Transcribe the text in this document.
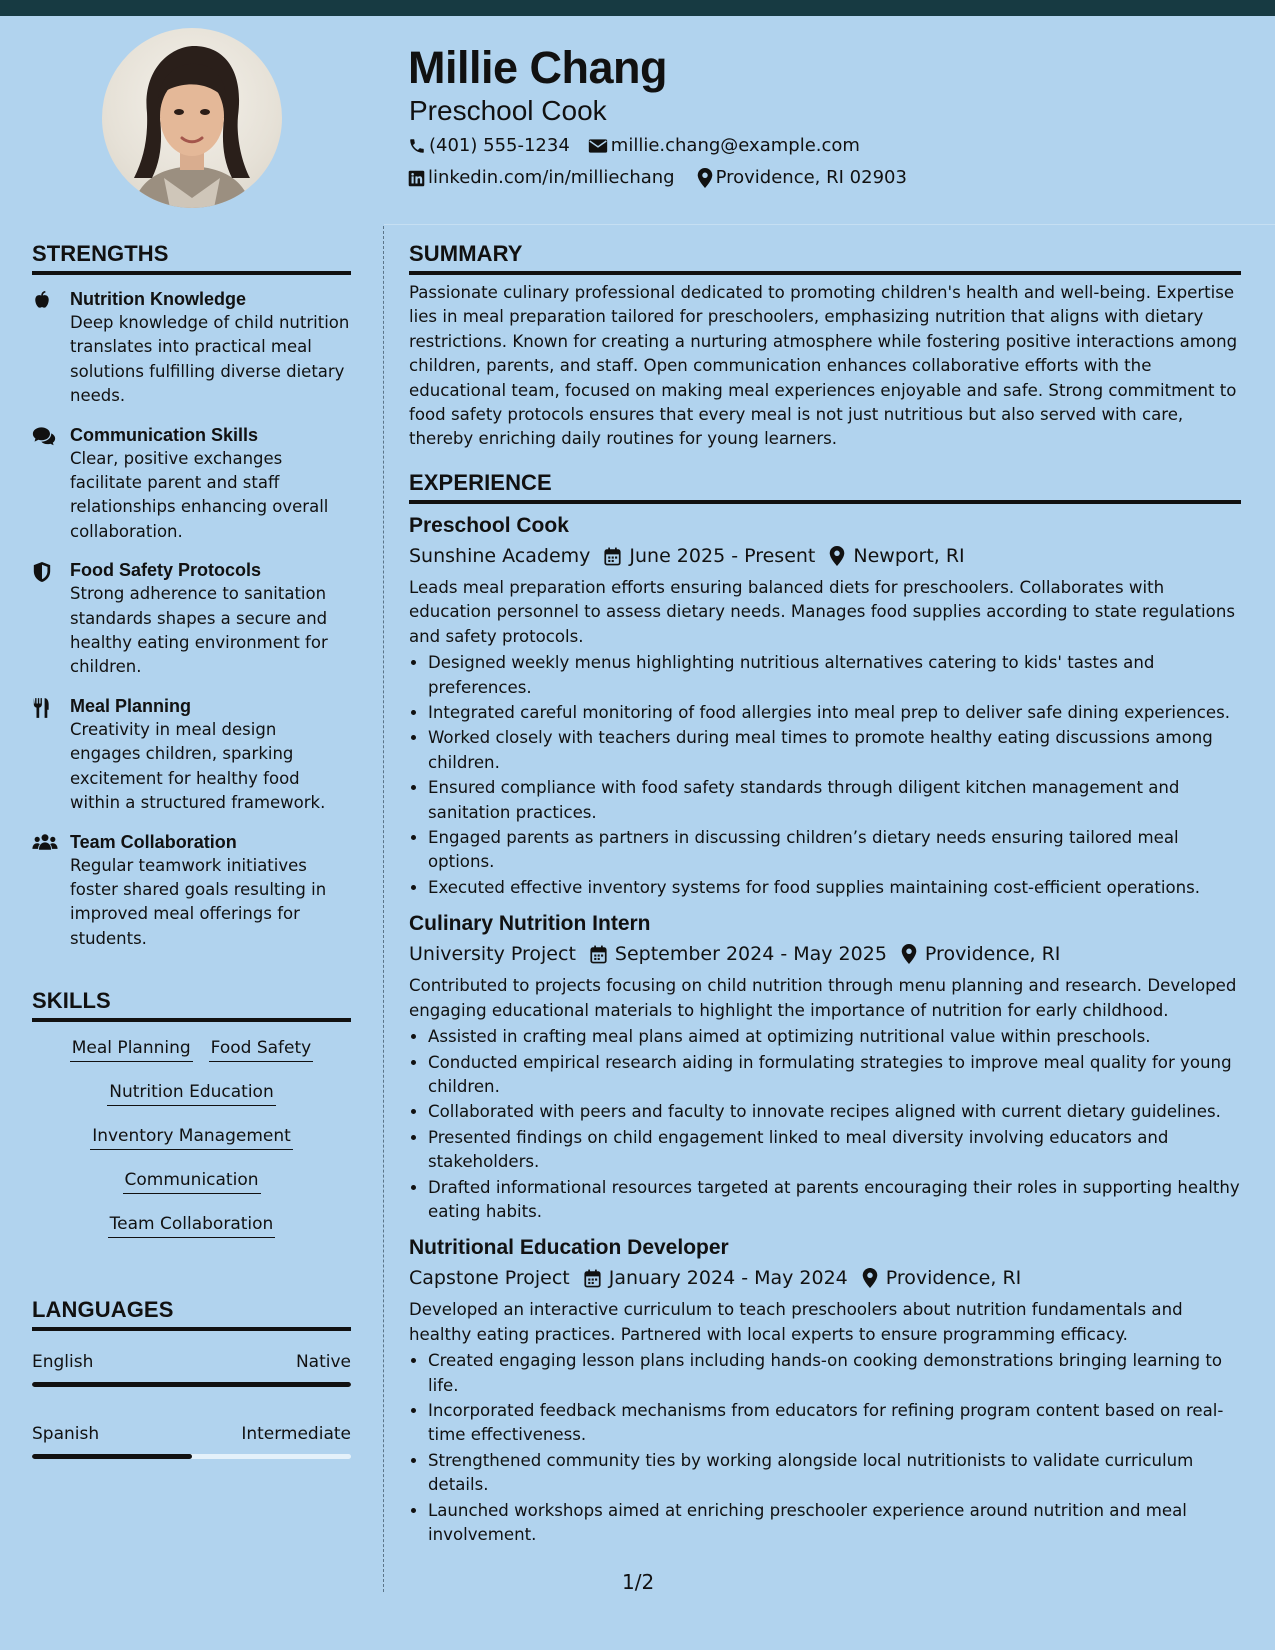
Millie Chang
Preschool Cook
(401) 555-1234 millie.chang@example.com
linkedin.com/in/milliechang Providence, RI 02903
STRENGTHS
Nutrition Knowledge
Deep knowledge of child nutrition translates into practical meal solutions fulfilling diverse dietary needs.
Communication Skills
Clear, positive exchanges facilitate parent and staff relationships enhancing overall collaboration.
Food Safety Protocols
Strong adherence to sanitation standards shapes a secure and healthy eating environment for children.
Meal Planning
Creativity in meal design engages children, sparking excitement for healthy food within a structured framework.
Team Collaboration
Regular teamwork initiatives foster shared goals resulting in improved meal offerings for students.
SKILLS
Meal Planning Food Safety
Nutrition Education
Inventory Management
Communication
Team Collaboration
LANGUAGES
English	Native
Spanish	Intermediate
SUMMARY
Passionate culinary professional dedicated to promoting children's health and well-being. Expertise lies in meal preparation tailored for preschoolers, emphasizing nutrition that aligns with dietary restrictions. Known for creating a nurturing atmosphere while fostering positive interactions among children, parents, and staff. Open communication enhances collaborative efforts with the educational team, focused on making meal experiences enjoyable and safe. Strong commitment to food safety protocols ensures that every meal is not just nutritious but also served with care, thereby enriching daily routines for young learners.
EXPERIENCE
Preschool Cook
Sunshine Academy June 2025 - Present Newport, RI
Leads meal preparation efforts ensuring balanced diets for preschoolers. Collaborates with education personnel to assess dietary needs. Manages food supplies according to state regulations and safety protocols.
• Designed weekly menus highlighting nutritious alternatives catering to kids' tastes and preferences.
• Integrated careful monitoring of food allergies into meal prep to deliver safe dining experiences.
• Worked closely with teachers during meal times to promote healthy eating discussions among children.
• Ensured compliance with food safety standards through diligent kitchen management and sanitation practices.
• Engaged parents as partners in discussing children’s dietary needs ensuring tailored meal options.
• Executed effective inventory systems for food supplies maintaining cost-efficient operations.
Culinary Nutrition Intern
University Project September 2024 - May 2025 Providence, RI
Contributed to projects focusing on child nutrition through menu planning and research. Developed engaging educational materials to highlight the importance of nutrition for early childhood.
• Assisted in crafting meal plans aimed at optimizing nutritional value within preschools.
• Conducted empirical research aiding in formulating strategies to improve meal quality for young children.
• Collaborated with peers and faculty to innovate recipes aligned with current dietary guidelines.
• Presented findings on child engagement linked to meal diversity involving educators and stakeholders.
• Drafted informational resources targeted at parents encouraging their roles in supporting healthy eating habits.
Nutritional Education Developer
Capstone Project January 2024 - May 2024 Providence, RI
Developed an interactive curriculum to teach preschoolers about nutrition fundamentals and healthy eating practices. Partnered with local experts to ensure programming efficacy.
• Created engaging lesson plans including hands-on cooking demonstrations bringing learning to life.
• Incorporated feedback mechanisms from educators for refining program content based on real-time effectiveness.
• Strengthened community ties by working alongside local nutritionists to validate curriculum details.
• Launched workshops aimed at enriching preschooler experience around nutrition and meal involvement.
1/2
